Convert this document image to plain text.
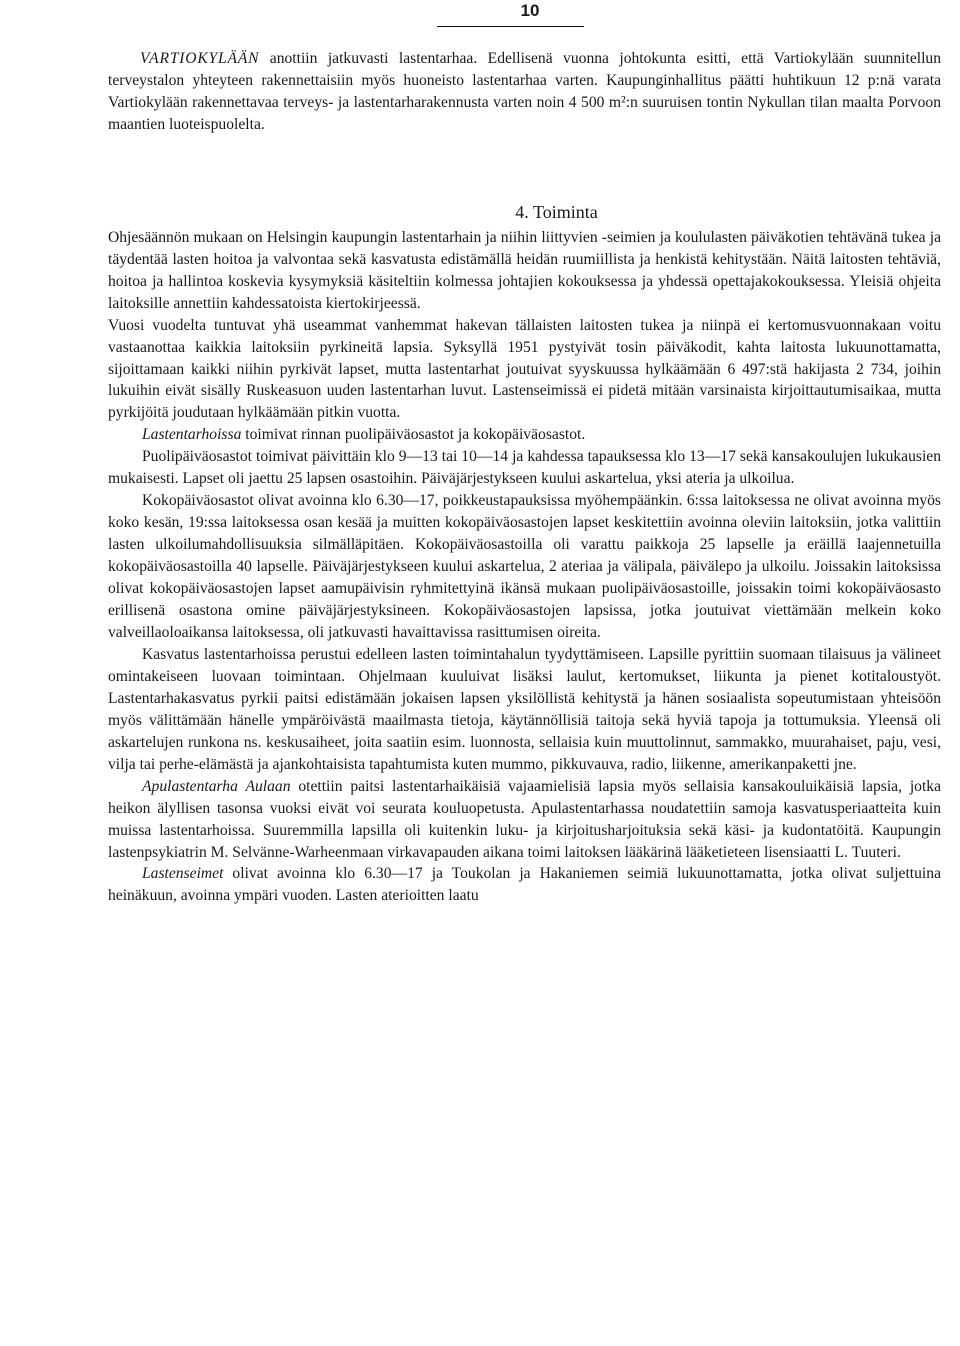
10

VARTIOKYLÄÄN anottiin jatkuvasti lastentarhaa. Edellisenä vuonna johtokunta esitti, että Vartiokylään suunnitellun terveystalon yhteyteen rakennettaisiin myös huoneisto lastentarhaa varten. Kaupunginhallitus päätti huhtikuun 12 p:nä varata Vartiokylään rakennettavaa terveys- ja lastentarharakennusta varten noin 4 500 m²:n suuruisen tontin Nykullan tilan maalta Porvoon maantien luoteispuolelta.

4. Toiminta

Ohjesäännön mukaan on Helsingin kaupungin lastentarhain ja niihin liittyvien -seimien ja koululasten päiväkotien tehtävänä tukea ja täydentää lasten hoitoa ja valvontaa sekä kasvatusta edistämällä heidän ruumiillista ja henkistä kehitystään. Näitä laitosten tehtäviä, hoitoa ja hallintoa koskevia kysymyksiä käsiteltiin kolmessa johtajien kokouksessa ja yhdessä opettajakokouksessa. Yleisiä ohjeita laitoksille annettiin kahdessatoista kiertokirjeessä.

Vuosi vuodelta tuntuvat yhä useammat vanhemmat hakevan tällaisten laitosten tukea ja niinpä ei kertomusvuonnakaan voitu vastaanottaa kaikkia laitoksiin pyrkineitä lapsia. Syksyllä 1951 pystyivät tosin päiväkodit, kahta laitosta lukuunottamatta, sijoittamaan kaikki niihin pyrkivät lapset, mutta lastentarhat joutuivat syyskuussa hylkäämään 6 497:stä hakijasta 2 734, joihin lukuihin eivät sisälly Ruskeasuon uuden lastentarhan luvut. Lastenseimissä ei pidetä mitään varsinaista kirjoittautumisaikaa, mutta pyrkijöitä joudutaan hylkäämään pitkin vuotta.

Lastentarhoissa toimivat rinnan puolipäiväosastot ja kokopäiväosastot.

Puolipäiväosastot toimivat päivittäin klo 9—13 tai 10—14 ja kahdessa tapauksessa klo 13—17 sekä kansakoulujen lukukausien mukaisesti. Lapset oli jaettu 25 lapsen osastoihin. Päiväjärjestykseen kuului askartelua, yksi ateria ja ulkoilua.

Kokopäiväosastot olivat avoinna klo 6.30—17, poikkeustapauksissa myöhempäänkin. 6:ssa laitoksessa ne olivat avoinna myös koko kesän, 19:ssa laitoksessa osan kesää ja muitten kokopäiväosastojen lapset keskitettiin avoinna oleviin laitoksiin, jotka valittiin lasten ulkoilumahdollisuuksia silmälläpitäen. Kokopäiväosastoilla oli varattu paikkoja 25 lapselle ja eräillä laajennetuilla kokopäiväosastoilla 40 lapselle. Päiväjärjestykseen kuului askartelua, 2 ateriaa ja välipala, päivälepo ja ulkoilu. Joissakin laitoksissa olivat kokopäiväosastojen lapset aamupäivisin ryhmitettyinä ikänsä mukaan puolipäiväosastoille, joissakin toimi kokopäiväosasto erillisenä osastona omine päiväjärjestyksineen. Kokopäiväosastojen lapsissa, jotka joutuivat viettämään melkein koko valveillaoloaikansa laitoksessa, oli jatkuvasti havaittavissa rasittumisen oireita.

Kasvatus lastentarhoissa perustui edelleen lasten toimintahalun tyydyttämiseen. Lapsille pyrittiin suomaan tilaisuus ja välineet omintakeiseen luovaan toimintaan. Ohjelmaan kuuluivat lisäksi laulut, kertomukset, liikunta ja pienet kotitaloustyöt. Lastentarhakasvatus pyrkii paitsi edistämään jokaisen lapsen yksilöllistä kehitystä ja hänen sosiaalista sopeutumistaan yhteisöön myös välittämään hänelle ympäröivästä maailmasta tietoja, käytännöllisiä taitoja sekä hyviä tapoja ja tottumuksia. Yleensä oli askartelujen runkona ns. keskusaiheet, joita saatiin esim. luonnosta, sellaisia kuin muuttolinnut, sammakko, muurahaiset, paju, vesi, vilja tai perhe-elämästä ja ajankohtaisista tapahtumista kuten mummo, pikkuvauva, radio, liikenne, amerikanpaketti jne.

Apulastentarha Aulaan otettiin paitsi lastentarhaikäisiä vajaamielisiä lapsia myös sellaisia kansakouluikäisiä lapsia, jotka heikon älyllisen tasonsa vuoksi eivät voi seurata kouluopetusta. Apulastentarhassa noudatettiin samoja kasvatusperiaatteita kuin muissa lastentarhoissa. Suuremmilla lapsilla oli kuitenkin luku- ja kirjoitusharjoituksia sekä käsi- ja kudontatöitä. Kaupungin lastenpsykiatrin M. Selvänne-Warheenmaan virkavapauden aikana toimi laitoksen lääkärinä lääketieteen lisensiaatti L. Tuuteri.

Lastenseimet olivat avoinna klo 6.30—17 ja Toukolan ja Hakaniemen seimiä lukuunottamatta, jotka olivat suljettuina heinäkuun, avoinna ympäri vuoden. Lasten aterioitten laatu
